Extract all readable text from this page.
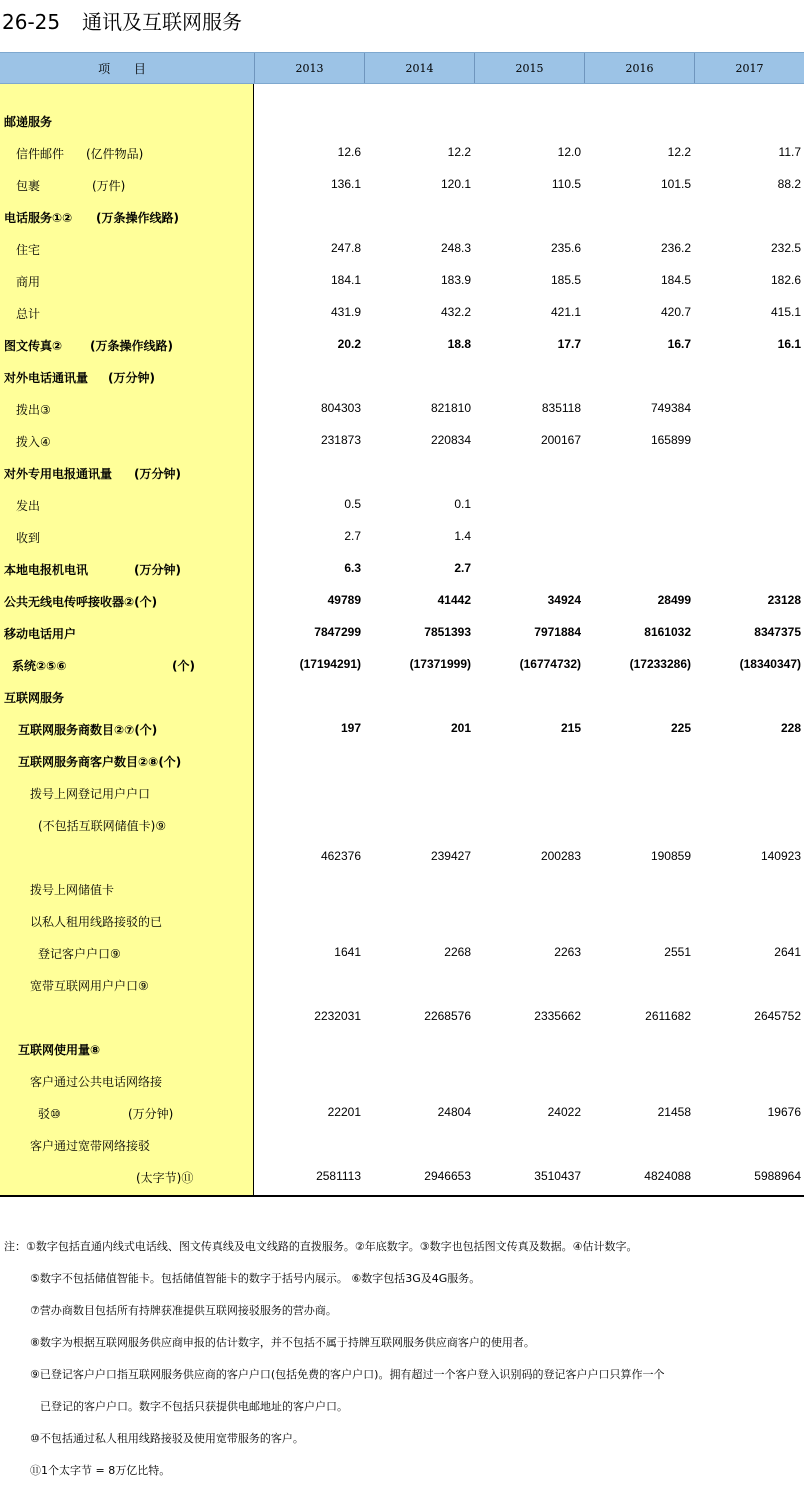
26-25 通讯及互联网服务
项 目	2013	2014	2015	2016	2017
邮递服务
信件邮件 (亿件物品)	12.6	12.2	12.0	12.2	11.7
包裹	(万件)	136.1	120.1	110.5	101.5	88.2
电话服务①② (万条操作线路)
住宅	247.8	248.3	235.6	236.2	232.5
商用	184.1	183.9	185.5	184.5	182.6
总计	431.9	432.2	421.1	420.7	415.1
图文传真② (万条操作线路)	20.2	18.8	17.7	16.7	16.1
对外电话通讯量 (万分钟)
拨出③	804303	821810	835118	749384
拨入④	231873	220834	200167	165899
对外专用电报通讯量 (万分钟)
发出	0.5	0.1
收到	2.7	1.4
本地电报机电讯	(万分钟)	6.3	2.7
公共无线电传呼接收器②(个)	49789	41442	34924	28499	23128
移动电话用户	7847299	7851393	7971884	8161032	8347375
系统②⑤⑥	(个)	(17194291)	(17371999)	(16774732)	(17233286)	(18340347)
互联网服务
互联网服务商数目②⑦(个)	197	201	215	225	228
互联网服务商客户数目②⑧(个)
拨号上网登记用户户口
(不包括互联网储值卡)⑨
462376	239427	200283	190859	140923
拨号上网储值卡
以私人租用线路接驳的已
登记客户户口⑨	1641	2268	2263	2551	2641
宽带互联网用户户口⑨
2232031	2268576	2335662	2611682	2645752
互联网使用量⑧
客户通过公共电话网络接
驳⑩	(万分钟)	22201	24804	24022	21458	19676
客户通过宽带网络接驳
(太字节)⑪	2581113	2946653	3510437	4824088	5988964
注：①数字包括直通内线式电话线、图文传真线及电文线路的直拨服务。②年底数字。③数字也包括图文传真及数据。④估计数字。
⑤数字不包括储值智能卡。包括储值智能卡的数字于括号内展示。 ⑥数字包括3G及4G服务。
⑦营办商数目包括所有持牌获准提供互联网接驳服务的营办商。
⑧数字为根据互联网服务供应商申报的估计数字，并不包括不属于持牌互联网服务供应商客户的使用者。
⑨已登记客户户口指互联网服务供应商的客户户口(包括免费的客户户口)。拥有超过一个客户登入识别码的登记客户户口只算作一个
已登记的客户户口。数字不包括只获提供电邮地址的客户户口。
⑩不包括通过私人租用线路接驳及使用宽带服务的客户。
⑪1个太字节 = 8万亿比特。
